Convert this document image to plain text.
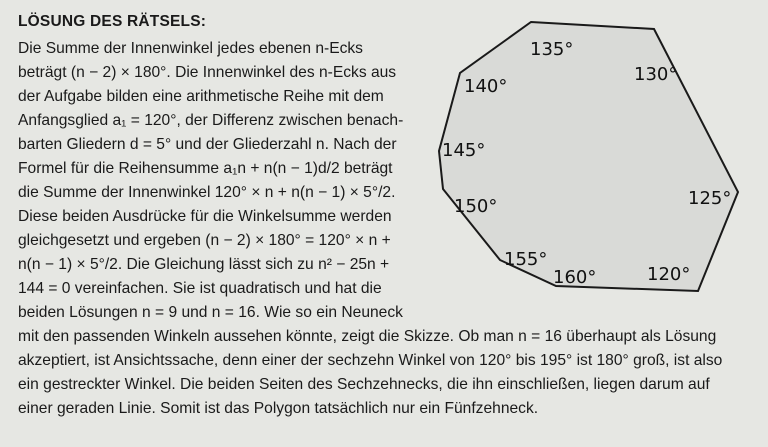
LÖSUNG DES RÄTSELS:
Die Summe der Innenwinkel jedes ebenen n-Ecks
beträgt (n − 2) × 180°. Die Innenwinkel des n-Ecks aus
der Aufgabe bilden eine arithmetische Reihe mit dem
Anfangsglied a₁ = 120°, der Differenz zwischen benach-
barten Gliedern d = 5° und der Gliederzahl n. Nach der
Formel für die Reihensumme a₁n + n(n − 1)d/2 beträgt
die Summe der Innenwinkel 120° × n + n(n − 1) × 5°/2.
Diese beiden Ausdrücke für die Winkelsumme werden
gleichgesetzt und ergeben (n − 2) × 180° = 120° × n +
n(n − 1) × 5°/2. Die Gleichung lässt sich zu n² − 25n +
144 = 0 vereinfachen. Sie ist quadratisch und hat die
beiden Lösungen n = 9 und n = 16. Wie so ein Neuneck
mit den passenden Winkeln aussehen könnte, zeigt die Skizze. Ob man n = 16 überhaupt als Lösung
akzeptiert, ist Ansichtssache, denn einer der sechzehn Winkel von 120° bis 195° ist 180° groß, ist also
ein gestreckter Winkel. Die beiden Seiten des Sechzehnecks, die ihn einschließen, liegen darum auf
einer geraden Linie. Somit ist das Polygon tatsächlich nur ein Fünfzehneck.
135°
130°
140°
145°
125°
150°
155°
160°	120°
